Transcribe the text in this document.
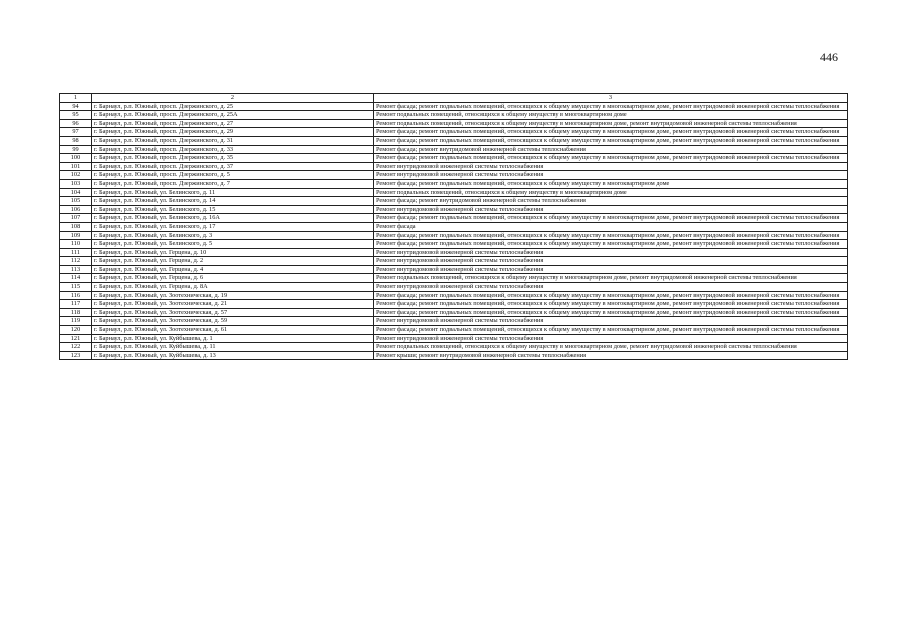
446
1	2	3
94	г. Барнаул, р.п. Южный, просп. Дзержинского, д. 25	Ремонт фасада; ремонт подвальных помещений, относящихся к общему имуществу в многоквартирном доме, ремонт внутридомовой инженерной системы теплоснабжения
95	г. Барнаул, р.п. Южный, просп. Дзержинского, д. 25А	Ремонт подвальных помещений, относящихся к общему имуществу в многоквартирном доме
96	г. Барнаул, р.п. Южный, просп. Дзержинского, д. 27	Ремонт подвальных помещений, относящихся к общему имуществу в многоквартирном доме, ремонт внутридомовой инженерной системы теплоснабжения
97	г. Барнаул, р.п. Южный, просп. Дзержинского, д. 29	Ремонт фасада; ремонт подвальных помещений, относящихся к общему имуществу в многоквартирном доме, ремонт внутридомовой инженерной системы теплоснабжения
98	г. Барнаул, р.п. Южный, просп. Дзержинского, д. 31	Ремонт фасада; ремонт подвальных помещений, относящихся к общему имуществу в многоквартирном доме, ремонт внутридомовой инженерной системы теплоснабжения
99	г. Барнаул, р.п. Южный, просп. Дзержинского, д. 33	Ремонт фасада; ремонт внутридомовой инженерной системы теплоснабжения
100	г. Барнаул, р.п. Южный, просп. Дзержинского, д. 35	Ремонт фасада; ремонт подвальных помещений, относящихся к общему имуществу в многоквартирном доме, ремонт внутридомовой инженерной системы теплоснабжения
101	г. Барнаул, р.п. Южный, просп. Дзержинского, д. 37	Ремонт внутридомовой инженерной системы теплоснабжения
102	г. Барнаул, р.п. Южный, просп. Дзержинского, д. 5	Ремонт внутридомовой инженерной системы теплоснабжения
103	г. Барнаул, р.п. Южный, просп. Дзержинского, д. 7	Ремонт фасада; ремонт подвальных помещений, относящихся к общему имуществу в многоквартирном доме
104	г. Барнаул, р.п. Южный, ул. Белинского, д. 11	Ремонт подвальных помещений, относящихся к общему имуществу в многоквартирном доме
105	г. Барнаул, р.п. Южный, ул. Белинского, д. 14	Ремонт фасада; ремонт внутридомовой инженерной системы теплоснабжения
106	г. Барнаул, р.п. Южный, ул. Белинского, д. 15	Ремонт внутридомовой инженерной системы теплоснабжения
107	г. Барнаул, р.п. Южный, ул. Белинского, д. 16А	Ремонт фасада; ремонт подвальных помещений, относящихся к общему имуществу в многоквартирном доме, ремонт внутридомовой инженерной системы теплоснабжения
108	г. Барнаул, р.п. Южный, ул. Белинского, д. 17	Ремонт фасада
109	г. Барнаул, р.п. Южный, ул. Белинского, д. 3	Ремонт фасада; ремонт подвальных помещений, относящихся к общему имуществу в многоквартирном доме, ремонт внутридомовой инженерной системы теплоснабжения
110	г. Барнаул, р.п. Южный, ул. Белинского, д. 5	Ремонт фасада; ремонт подвальных помещений, относящихся к общему имуществу в многоквартирном доме, ремонт внутридомовой инженерной системы теплоснабжения
111	г. Барнаул, р.п. Южный, ул. Герцена, д. 10	Ремонт внутридомовой инженерной системы теплоснабжения
112	г. Барнаул, р.п. Южный, ул. Герцена, д. 2	Ремонт внутридомовой инженерной системы теплоснабжения
113	г. Барнаул, р.п. Южный, ул. Герцена, д. 4	Ремонт внутридомовой инженерной системы теплоснабжения
114	г. Барнаул, р.п. Южный, ул. Герцена, д. 6	Ремонт подвальных помещений, относящихся к общему имуществу в многоквартирном доме, ремонт внутридомовой инженерной системы теплоснабжения
115	г. Барнаул, р.п. Южный, ул. Герцена, д. 8А	Ремонт внутридомовой инженерной системы теплоснабжения
116	г. Барнаул, р.п. Южный, ул. Зоотехническая, д. 19	Ремонт фасада; ремонт подвальных помещений, относящихся к общему имуществу в многоквартирном доме, ремонт внутридомовой инженерной системы теплоснабжения
117	г. Барнаул, р.п. Южный, ул. Зоотехническая, д. 21	Ремонт фасада; ремонт подвальных помещений, относящихся к общему имуществу в многоквартирном доме, ремонт внутридомовой инженерной системы теплоснабжения
118	г. Барнаул, р.п. Южный, ул. Зоотехническая, д. 57	Ремонт фасада; ремонт подвальных помещений, относящихся к общему имуществу в многоквартирном доме, ремонт внутридомовой инженерной системы теплоснабжения
119	г. Барнаул, р.п. Южный, ул. Зоотехническая, д. 59	Ремонт внутридомовой инженерной системы теплоснабжения
120	г. Барнаул, р.п. Южный, ул. Зоотехническая, д. 61	Ремонт фасада; ремонт подвальных помещений, относящихся к общему имуществу в многоквартирном доме, ремонт внутридомовой инженерной системы теплоснабжения
121	г. Барнаул, р.п. Южный, ул. Куйбышева, д. 1	Ремонт внутридомовой инженерной системы теплоснабжения
122	г. Барнаул, р.п. Южный, ул. Куйбышева, д. 11	Ремонт подвальных помещений, относящихся к общему имуществу в многоквартирном доме, ремонт внутридомовой инженерной системы теплоснабжения
123	г. Барнаул, р.п. Южный, ул. Куйбышева, д. 13	Ремонт крыши; ремонт внутридомовой инженерной системы теплоснабжения
